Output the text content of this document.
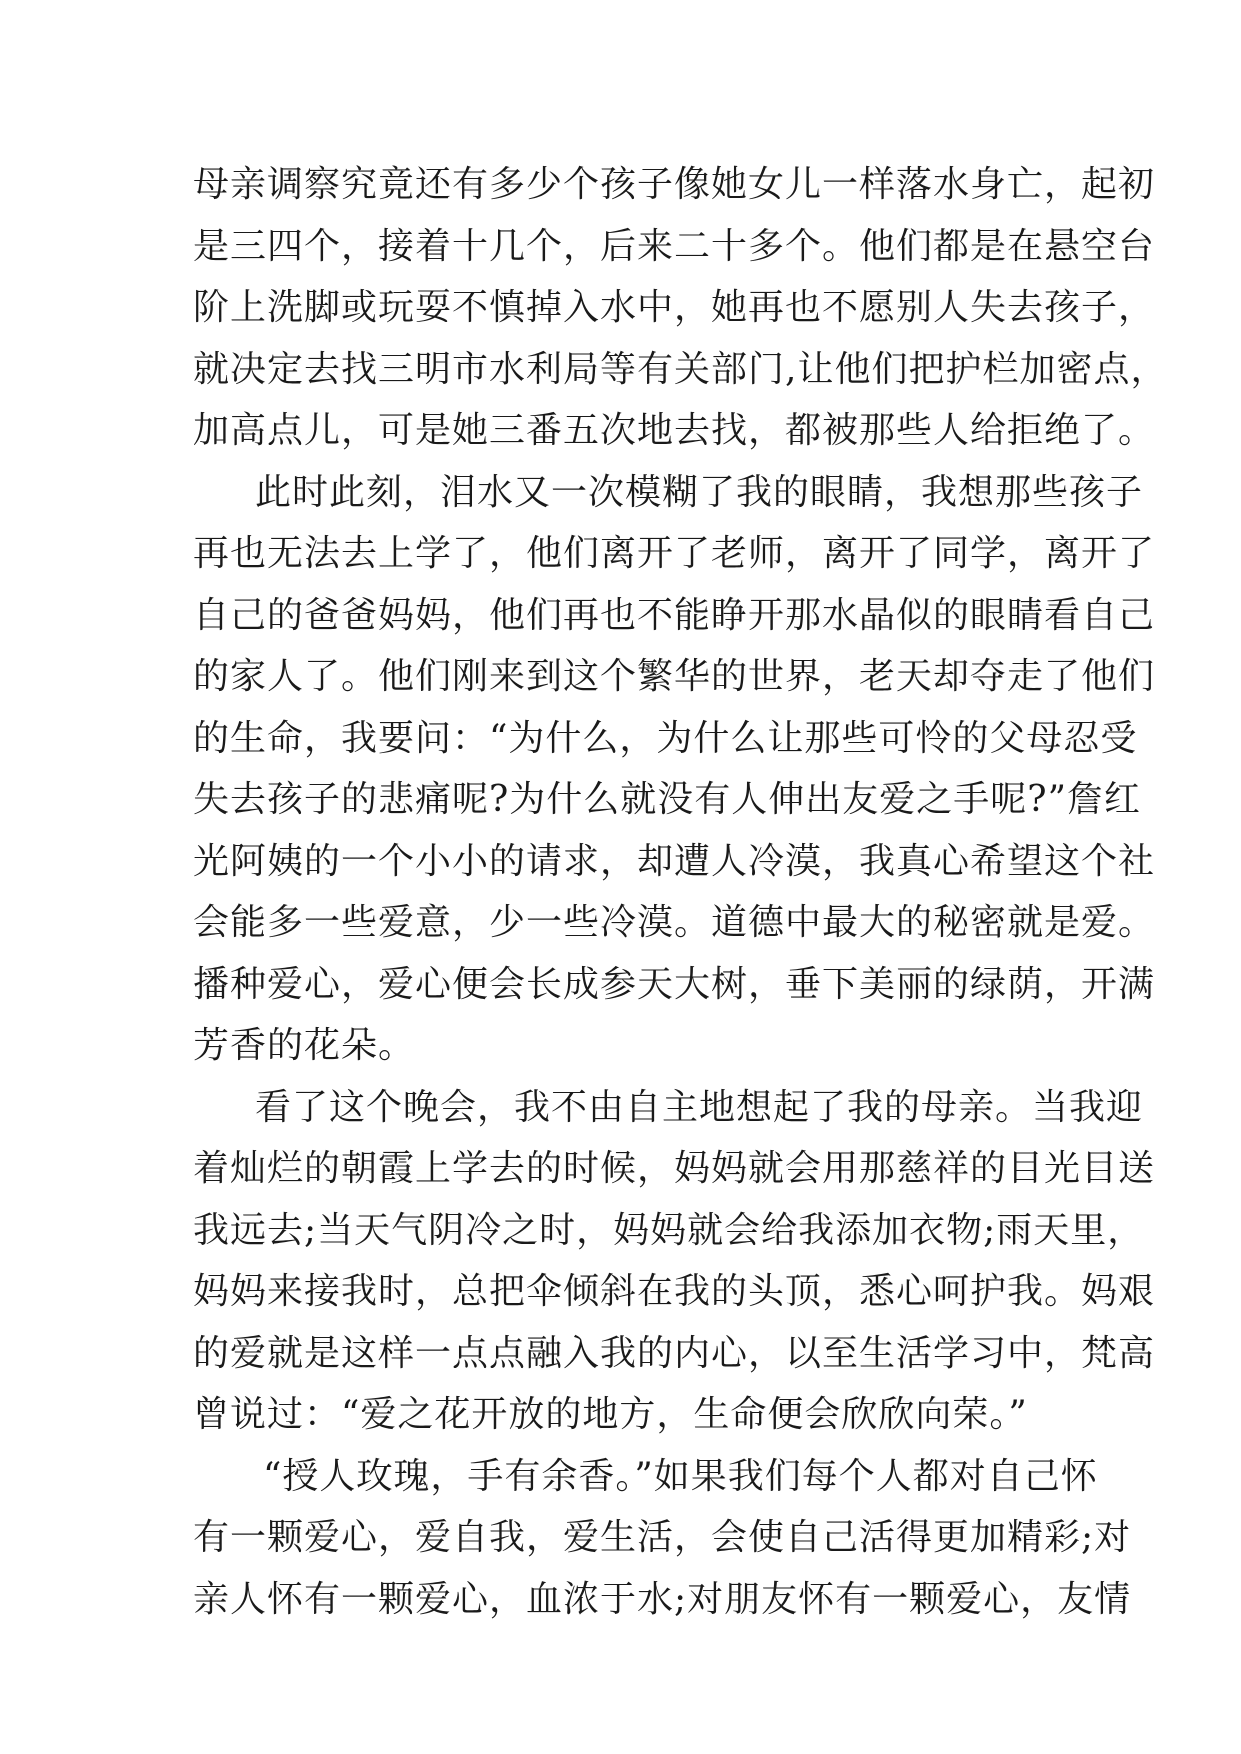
母亲调察究竟还有多少个孩子像她女儿一样落水身亡，起初
是三四个，接着十几个，后来二十多个。他们都是在悬空台
阶上洗脚或玩耍不慎掉入水中，她再也不愿别人失去孩子，
就决定去找三明市水利局等有关部门,让他们把护栏加密点，
加高点儿，可是她三番五次地去找，都被那些人给拒绝了。
此时此刻，泪水又一次模糊了我的眼睛，我想那些孩子
再也无法去上学了，他们离开了老师，离开了同学，离开了
自己的爸爸妈妈，他们再也不能睁开那水晶似的眼睛看自己
的家人了。他们刚来到这个繁华的世界，老天却夺走了他们
的生命，我要问：“为什么，为什么让那些可怜的父母忍受
失去孩子的悲痛呢?为什么就没有人伸出友爱之手呢?”詹红
光阿姨的一个小小的请求，却遭人冷漠，我真心希望这个社
会能多一些爱意，少一些冷漠。道德中最大的秘密就是爱。
播种爱心，爱心便会长成参天大树，垂下美丽的绿荫，开满
芳香的花朵。
看了这个晚会，我不由自主地想起了我的母亲。当我迎
着灿烂的朝霞上学去的时候，妈妈就会用那慈祥的目光目送
我远去;当天气阴冷之时，妈妈就会给我添加衣物;雨天里，
妈妈来接我时，总把伞倾斜在我的头顶，悉心呵护我。妈艰
的爱就是这样一点点融入我的内心，以至生活学习中，梵高
曾说过：“爱之花开放的地方，生命便会欣欣向荣。”
“授人玫瑰，手有余香。”如果我们每个人都对自己怀
有一颗爱心，爱自我，爱生活，会使自己活得更加精彩;对
亲人怀有一颗爱心，血浓于水;对朋友怀有一颗爱心，友情
